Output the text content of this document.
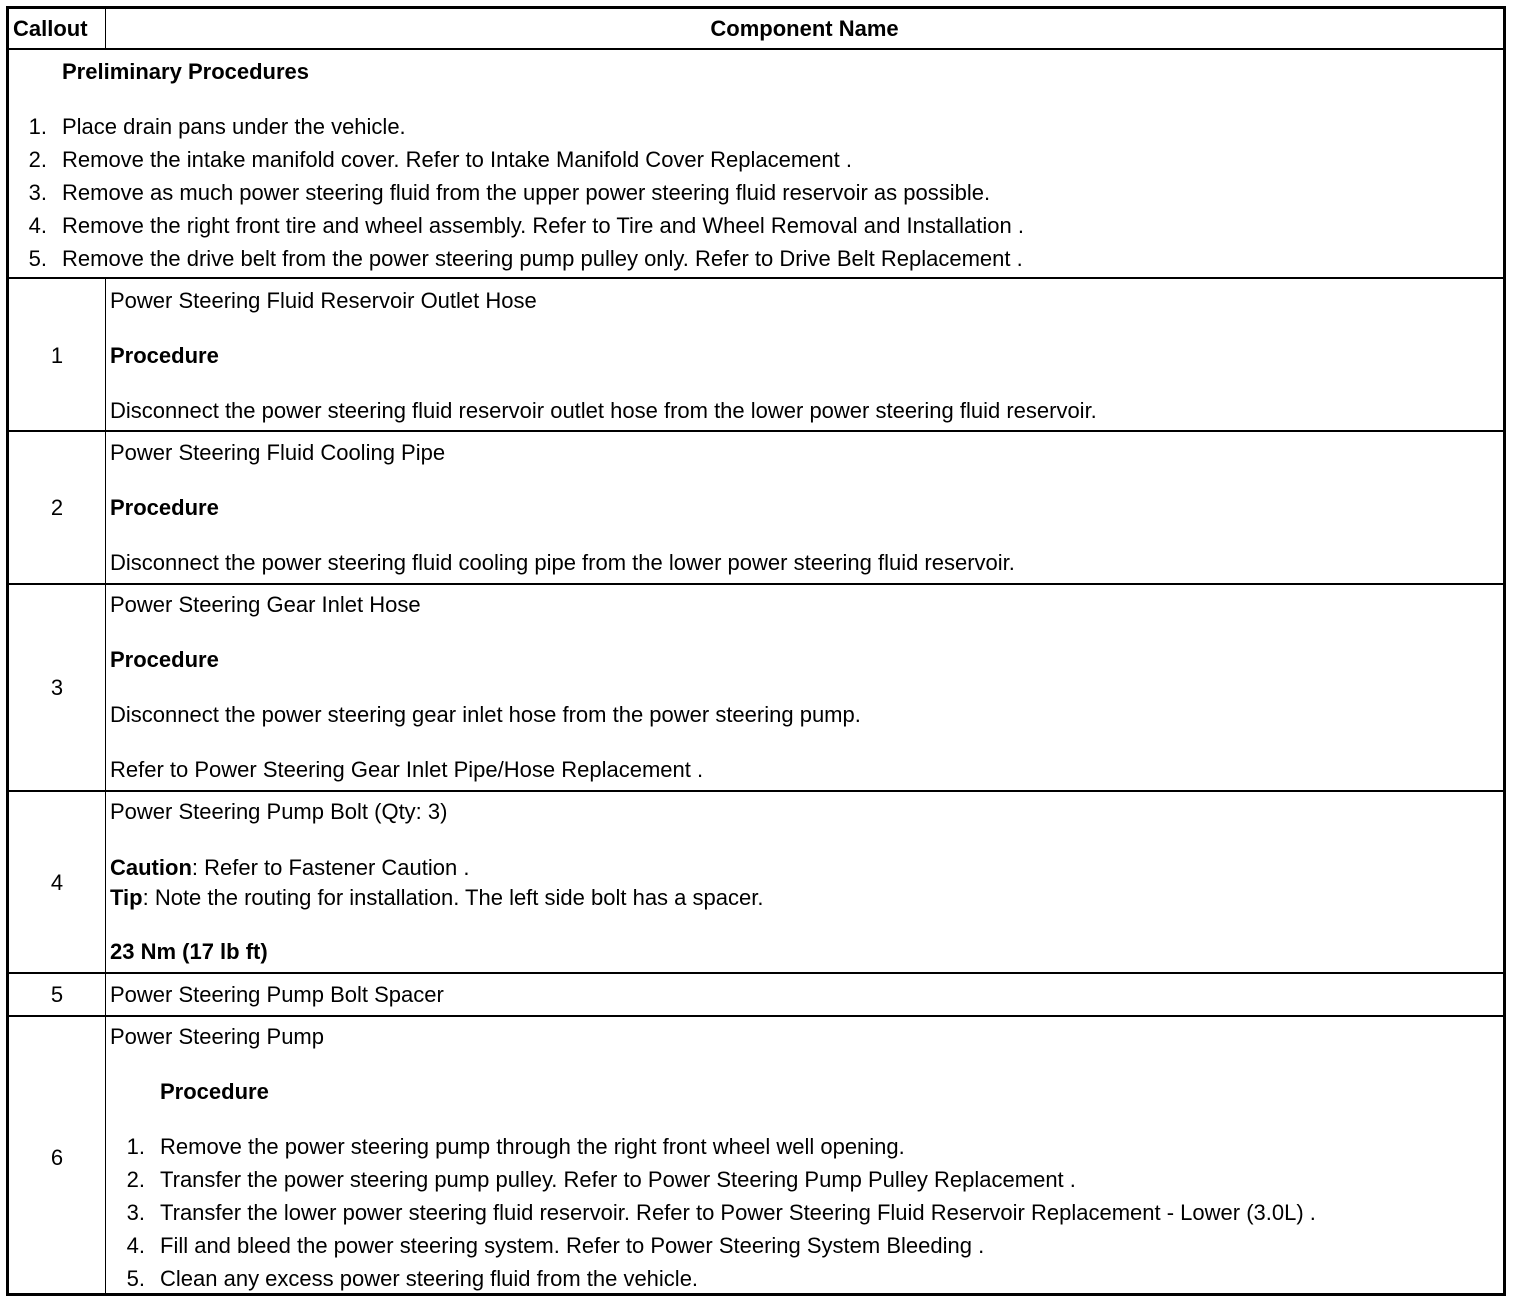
Callout	Component Name
Preliminary Procedures
1. Place drain pans under the vehicle.
2. Remove the intake manifold cover. Refer to Intake Manifold Cover Replacement .
3. Remove as much power steering fluid from the upper power steering fluid reservoir as possible.
4. Remove the right front tire and wheel assembly. Refer to Tire and Wheel Removal and Installation .
5. Remove the drive belt from the power steering pump pulley only. Refer to Drive Belt Replacement .
1
Power Steering Fluid Reservoir Outlet Hose
Procedure
Disconnect the power steering fluid reservoir outlet hose from the lower power steering fluid reservoir.
2
Power Steering Fluid Cooling Pipe
Procedure
Disconnect the power steering fluid cooling pipe from the lower power steering fluid reservoir.
3
Power Steering Gear Inlet Hose
Procedure
Disconnect the power steering gear inlet hose from the power steering pump.
Refer to Power Steering Gear Inlet Pipe/Hose Replacement .
4
Power Steering Pump Bolt (Qty: 3)
Caution: Refer to Fastener Caution .
Tip: Note the routing for installation. The left side bolt has a spacer.
23 Nm (17 lb ft)
5	Power Steering Pump Bolt Spacer
6
Power Steering Pump
Procedure
1. Remove the power steering pump through the right front wheel well opening.
2. Transfer the power steering pump pulley. Refer to Power Steering Pump Pulley Replacement .
3. Transfer the lower power steering fluid reservoir. Refer to Power Steering Fluid Reservoir Replacement - Lower (3.0L) .
4. Fill and bleed the power steering system. Refer to Power Steering System Bleeding .
5. Clean any excess power steering fluid from the vehicle.
